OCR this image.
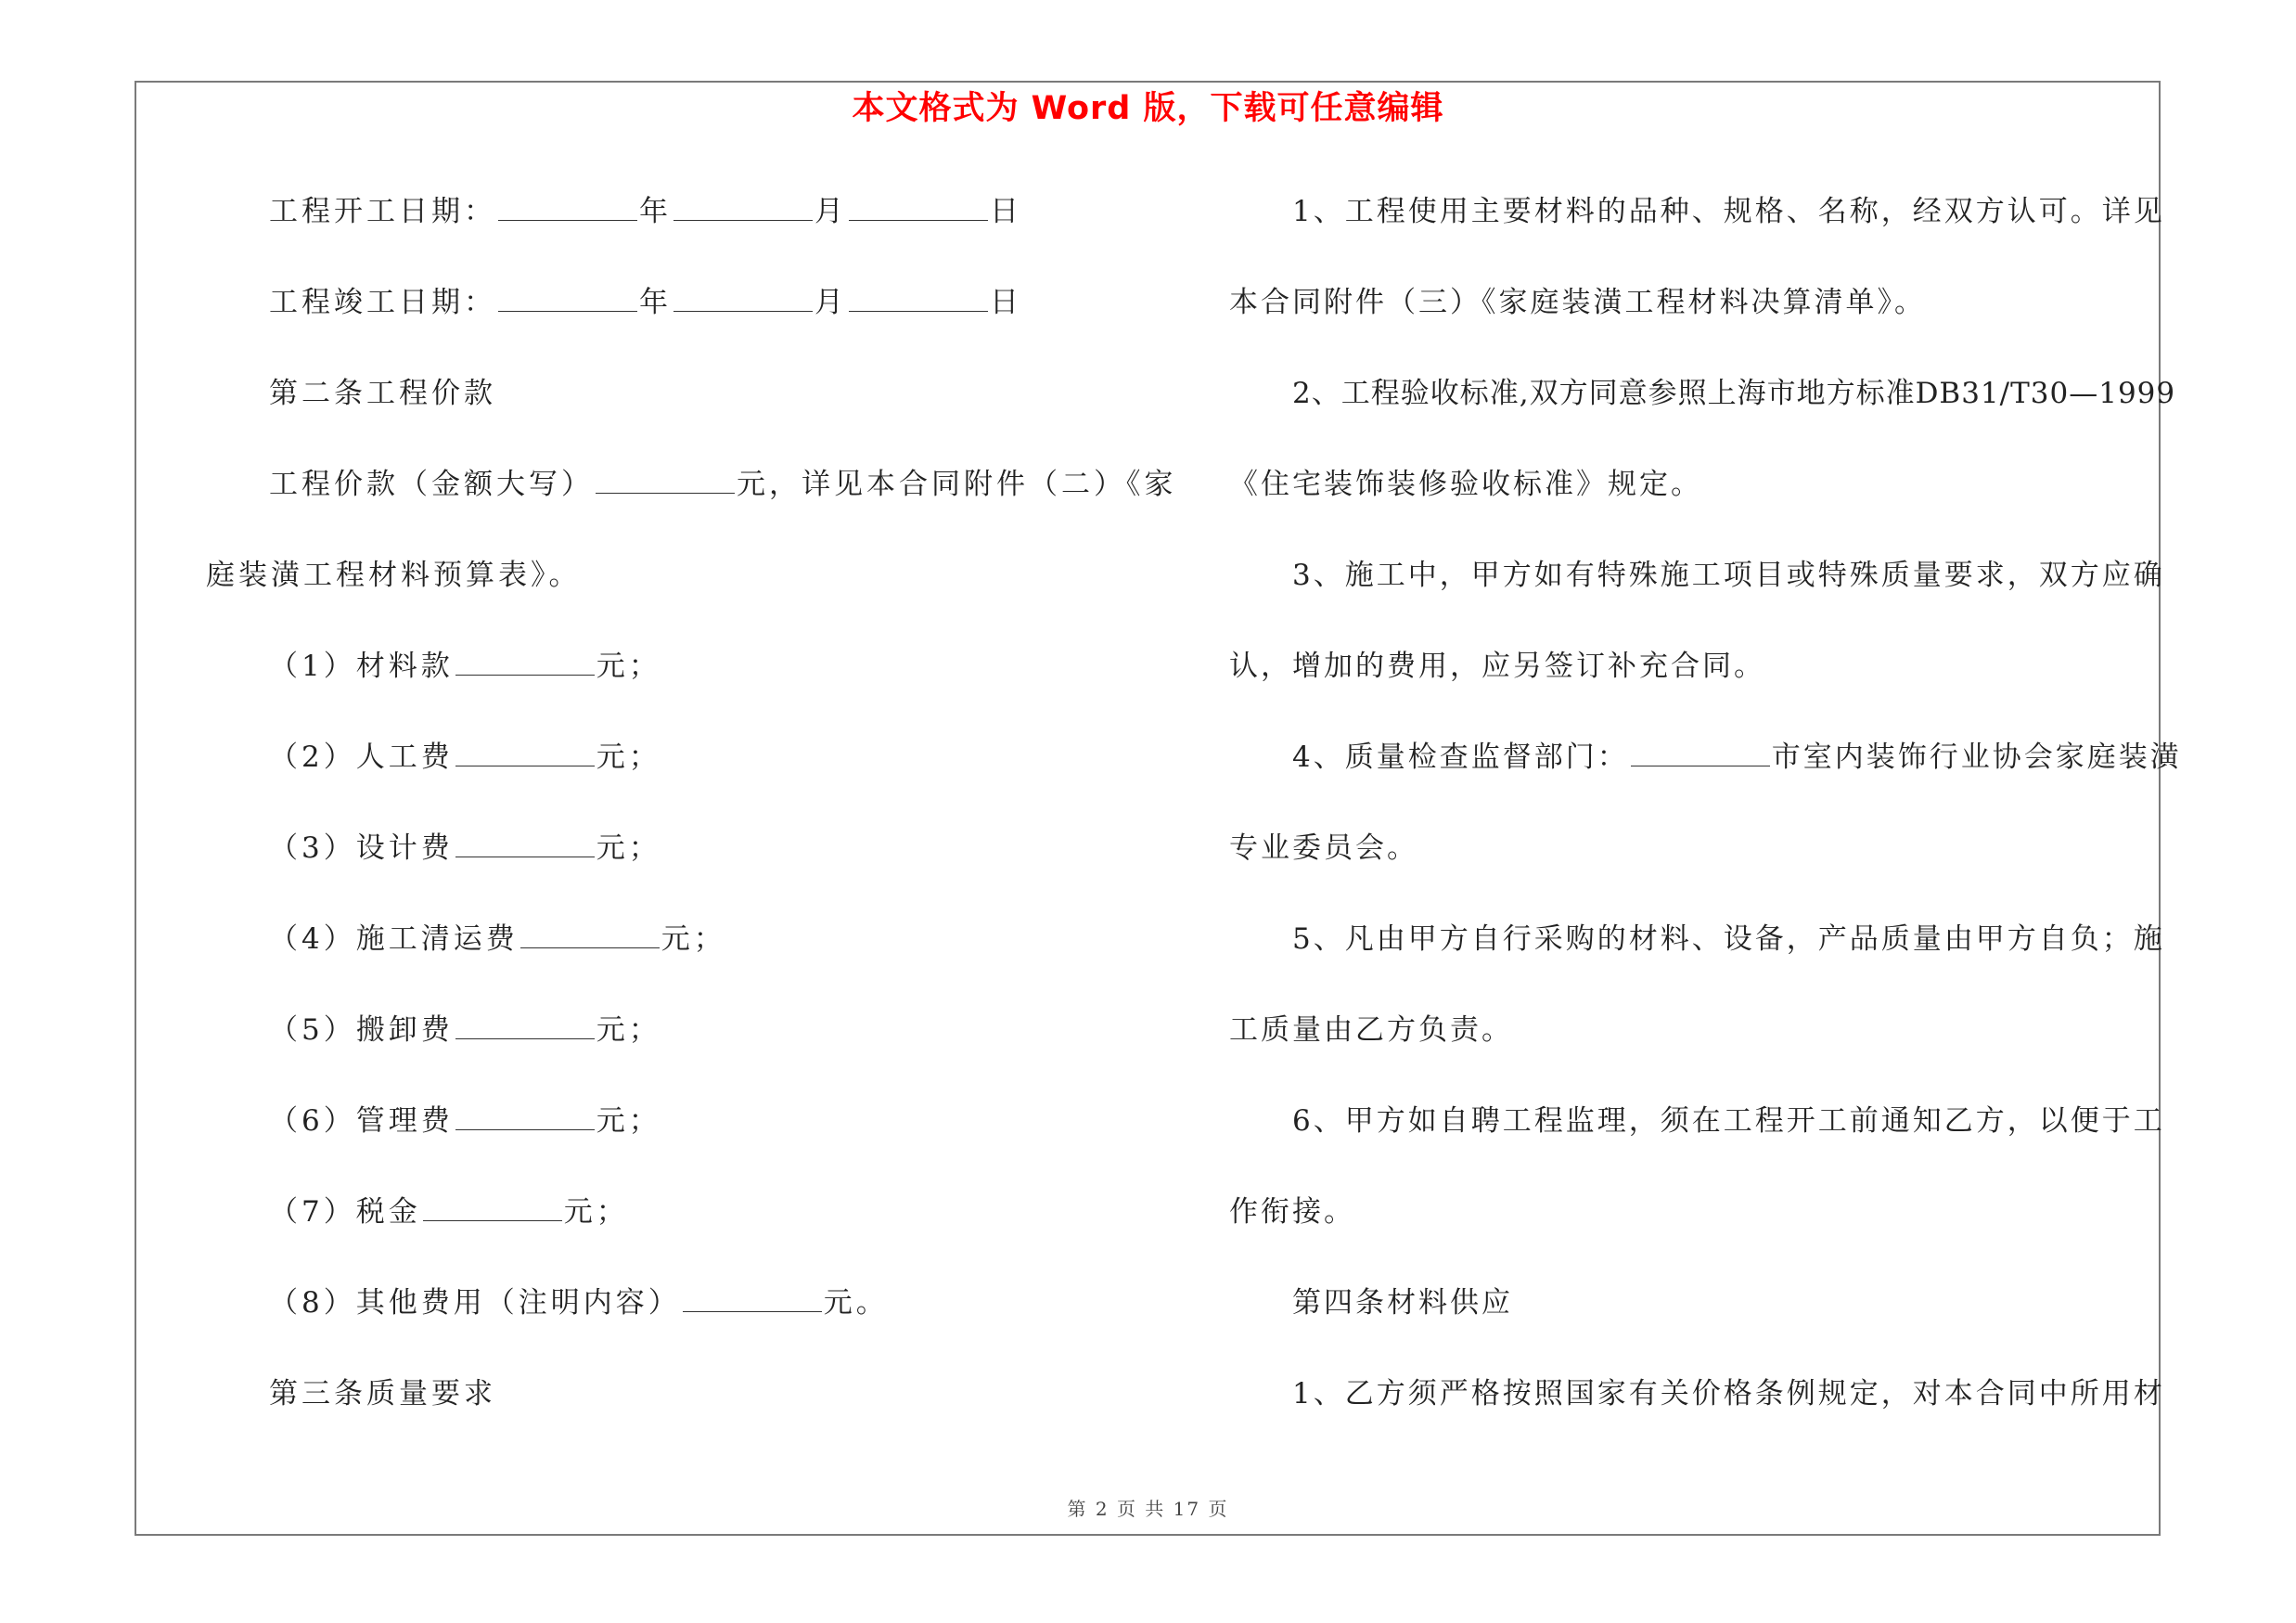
本文格式为 Word 版，下载可任意编辑
工程开工日期：	年	月	日
工程竣工日期：	年	月	日
第二条工程价款
工程价款（金额大写）	元，详见本合同附件（二）《家
庭装潢工程材料预算表》。
（1）材料款	元；
（2）人工费	元；
（3）设计费	元；
（4）施工清运费	元；
（5）搬卸费	元；
（6）管理费	元；
（7）税金	元；
（8）其他费用（注明内容）	元。
第三条质量要求
1、工程使用主要材料的品种、规格、名称，经双方认可。详见
本合同附件（三）《家庭装潢工程材料决算清单》。
2、工程验收标准,双方同意参照上海市地方标准DB31/T30—1999
《住宅装饰装修验收标准》规定。
3、施工中，甲方如有特殊施工项目或特殊质量要求，双方应确
认，增加的费用，应另签订补充合同。
4、质量检查监督部门：	市室内装饰行业协会家庭装潢
专业委员会。
5、凡由甲方自行采购的材料、设备，产品质量由甲方自负；施
工质量由乙方负责。
6、甲方如自聘工程监理，须在工程开工前通知乙方，以便于工
作衔接。
第四条材料供应
1、乙方须严格按照国家有关价格条例规定，对本合同中所用材
第 2 页 共 17 页
